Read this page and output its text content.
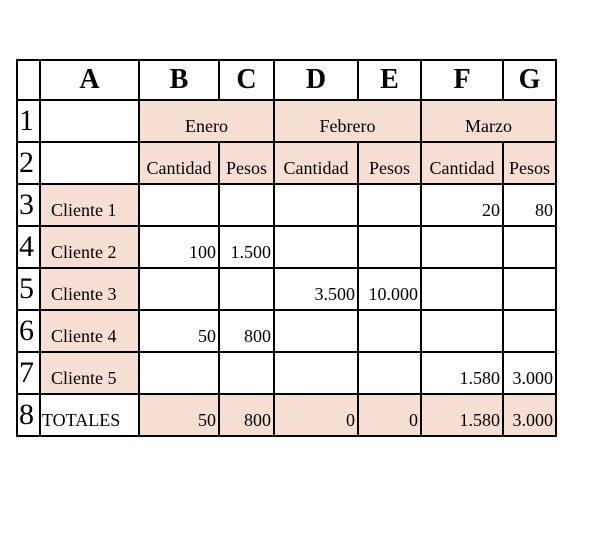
	A	B	C	D	E	F	G
1		Enero		Febrero		Marzo	
2		Cantidad	Pesos	Cantidad	Pesos	Cantidad	Pesos
3	Cliente 1					20	80
4	Cliente 2	100	1.500				
5	Cliente 3			3.500	10.000		
6	Cliente 4	50	800				
7	Cliente 5					1.580	3.000
8	TOTALES	50	800	0	0	1.580	3.000
